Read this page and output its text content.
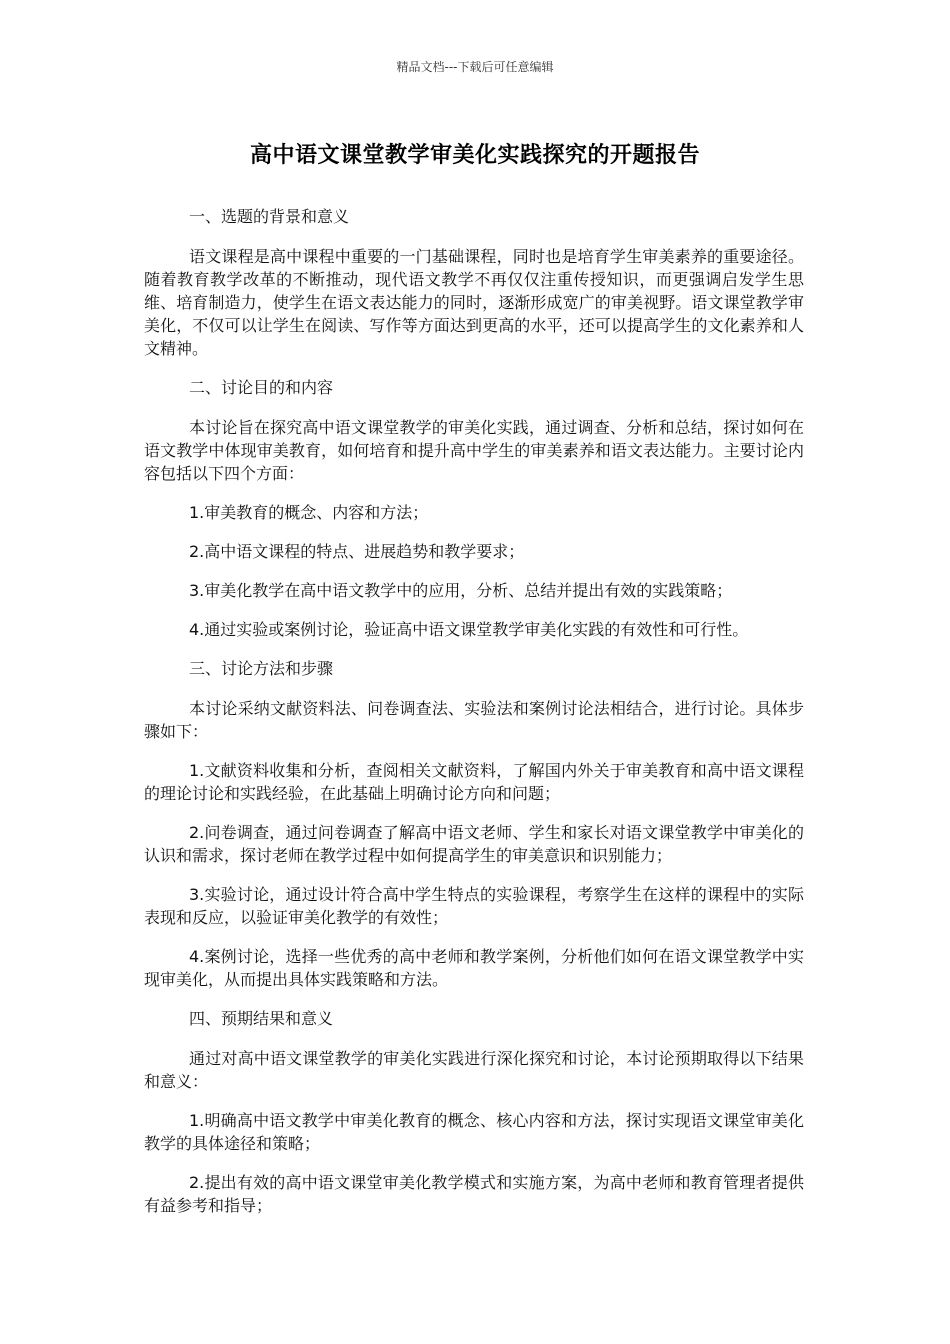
精品文档---下载后可任意编辑
高中语文课堂教学审美化实践探究的开题报告
一、选题的背景和意义

语文课程是高中课程中重要的一门基础课程，同时也是培育学生审美素养的重要途径。随着教育教学改革的不断推动，现代语文教学不再仅仅注重传授知识，而更强调启发学生思维、培育制造力，使学生在语文表达能力的同时，逐渐形成宽广的审美视野。语文课堂教学审美化，不仅可以让学生在阅读、写作等方面达到更高的水平，还可以提高学生的文化素养和人文精神。

二、讨论目的和内容

本讨论旨在探究高中语文课堂教学的审美化实践，通过调查、分析和总结，探讨如何在语文教学中体现审美教育，如何培育和提升高中学生的审美素养和语文表达能力。主要讨论内容包括以下四个方面：

1.审美教育的概念、内容和方法；

2.高中语文课程的特点、进展趋势和教学要求；

3.审美化教学在高中语文教学中的应用，分析、总结并提出有效的实践策略；

4.通过实验或案例讨论，验证高中语文课堂教学审美化实践的有效性和可行性。

三、讨论方法和步骤

本讨论采纳文献资料法、问卷调查法、实验法和案例讨论法相结合，进行讨论。具体步骤如下：

1.文献资料收集和分析，查阅相关文献资料，了解国内外关于审美教育和高中语文课程的理论讨论和实践经验，在此基础上明确讨论方向和问题；

2.问卷调查，通过问卷调查了解高中语文老师、学生和家长对语文课堂教学中审美化的认识和需求，探讨老师在教学过程中如何提高学生的审美意识和识别能力；

3.实验讨论，通过设计符合高中学生特点的实验课程，考察学生在这样的课程中的实际表现和反应，以验证审美化教学的有效性；

4.案例讨论，选择一些优秀的高中老师和教学案例，分析他们如何在语文课堂教学中实现审美化，从而提出具体实践策略和方法。

四、预期结果和意义

通过对高中语文课堂教学的审美化实践进行深化探究和讨论，本讨论预期取得以下结果和意义：

1.明确高中语文教学中审美化教育的概念、核心内容和方法，探讨实现语文课堂审美化教学的具体途径和策略；

2.提出有效的高中语文课堂审美化教学模式和实施方案，为高中老师和教育管理者提供有益参考和指导；
